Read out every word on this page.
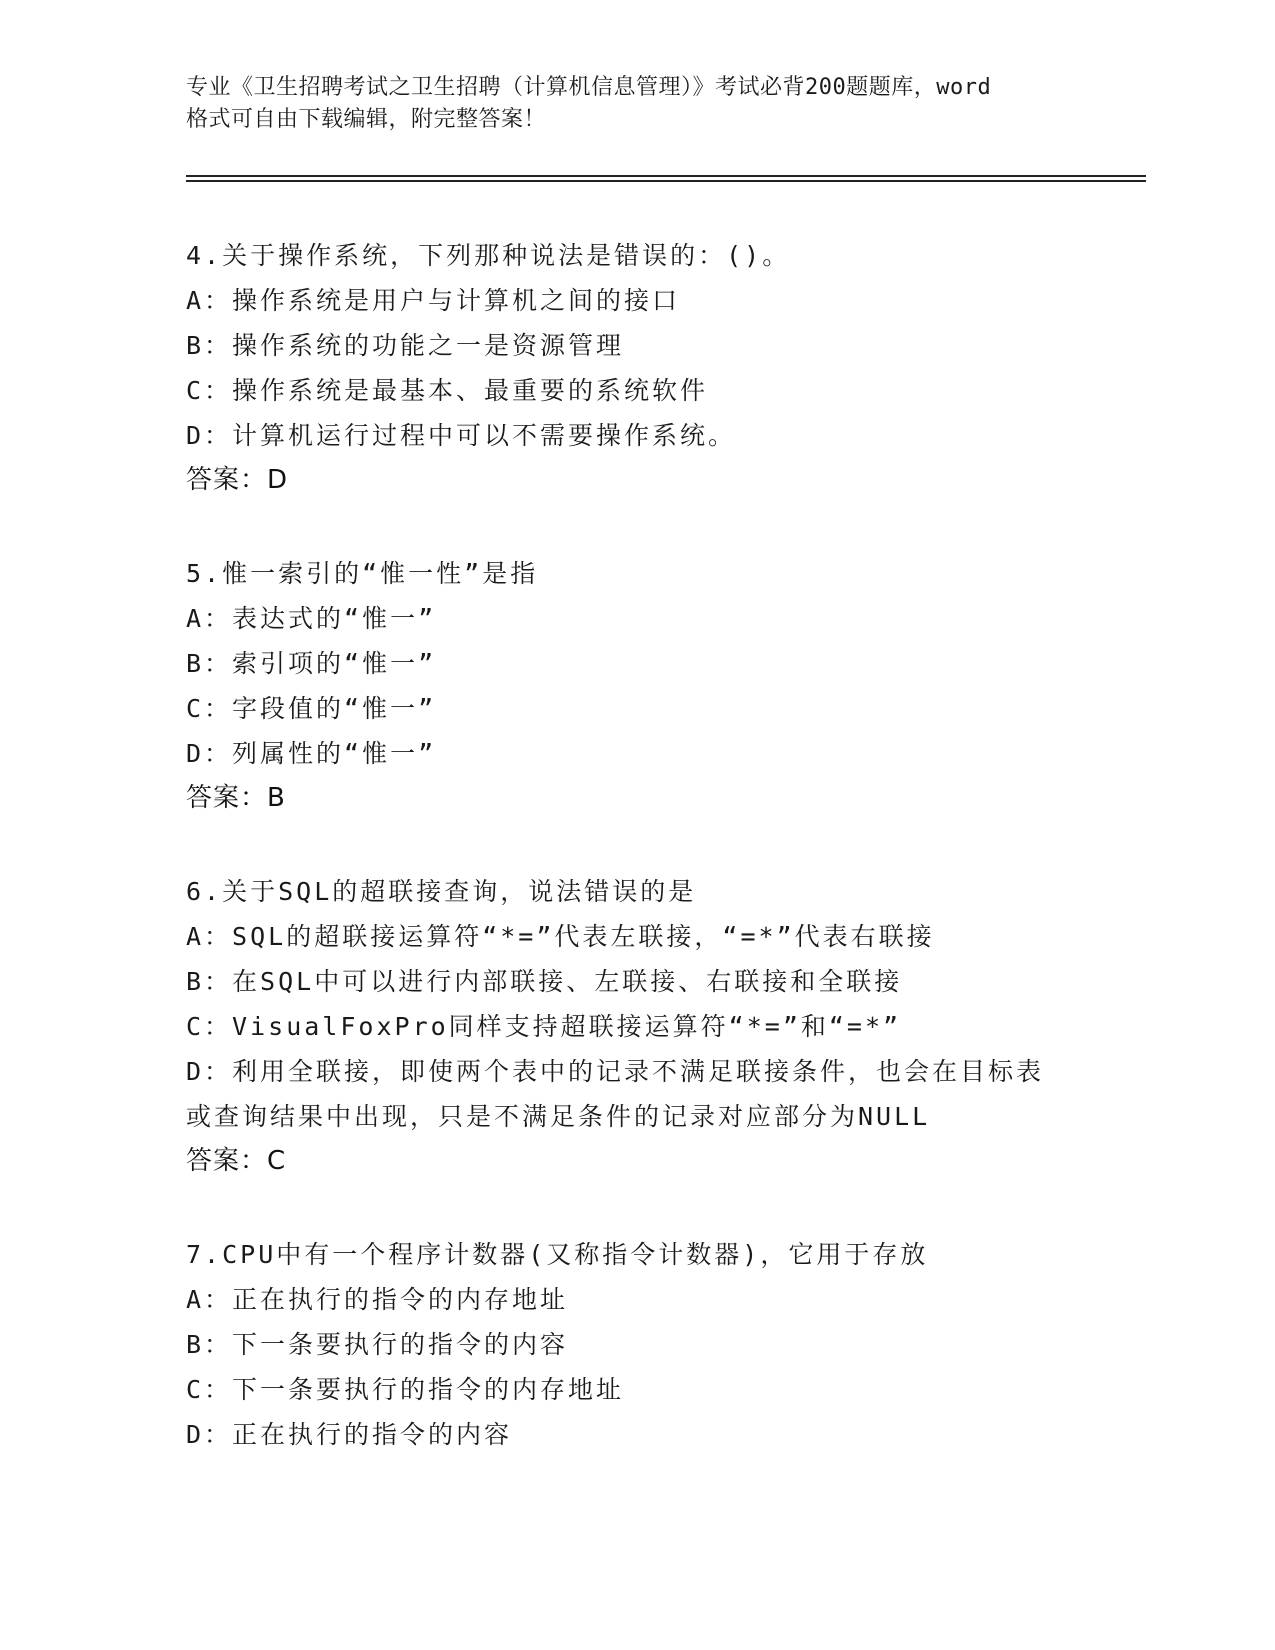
专业《卫生招聘考试之卫生招聘（计算机信息管理）》考试必背200题题库，word
格式可自由下载编辑，附完整答案！
4.关于操作系统，下列那种说法是错误的：()。
A：操作系统是用户与计算机之间的接口
B：操作系统的功能之一是资源管理
C：操作系统是最基本、最重要的系统软件
D：计算机运行过程中可以不需要操作系统。
答案：D
5.惟一索引的“惟一性”是指
A：表达式的“惟一”
B：索引项的“惟一”
C：字段值的“惟一”
D：列属性的“惟一”
答案：B
6.关于SQL的超联接查询，说法错误的是
A：SQL的超联接运算符“*=”代表左联接，“=*”代表右联接
B：在SQL中可以进行内部联接、左联接、右联接和全联接
C：VisualFoxPro同样支持超联接运算符“*=”和“=*”
D：利用全联接，即使两个表中的记录不满足联接条件，也会在目标表
或查询结果中出现，只是不满足条件的记录对应部分为NULL
答案：C
7.CPU中有一个程序计数器(又称指令计数器)，它用于存放
A：正在执行的指令的内存地址
B：下一条要执行的指令的内容
C：下一条要执行的指令的内存地址
D：正在执行的指令的内容
